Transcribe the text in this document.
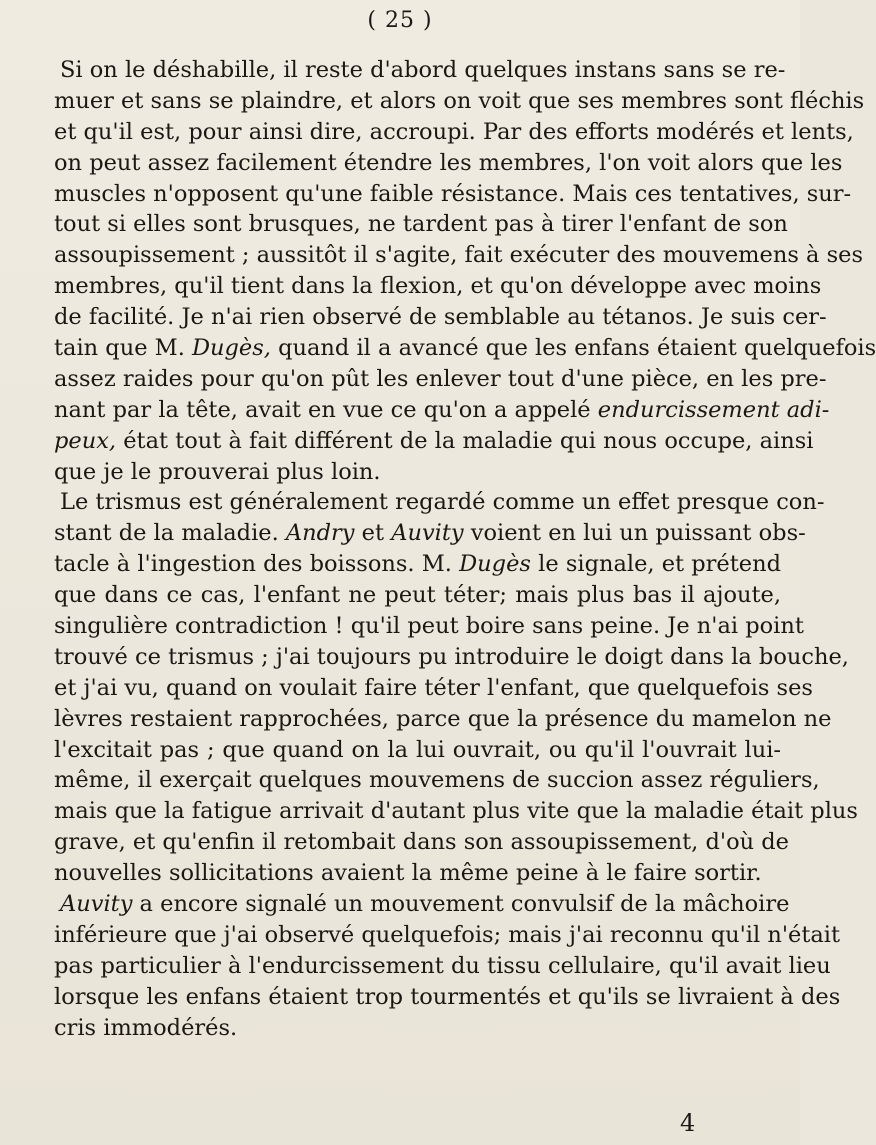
( 25 )
Si on le déshabille, il reste d'abord quelques instans sans se re-
muer et sans se plaindre, et alors on voit que ses membres sont fléchis
et qu'il est, pour ainsi dire, accroupi. Par des efforts modérés et lents,
on peut assez facilement étendre les membres, l'on voit alors que les
muscles n'opposent qu'une faible résistance. Mais ces tentatives, sur-
tout si elles sont brusques, ne tardent pas à tirer l'enfant de son
assoupissement ; aussitôt il s'agite, fait exécuter des mouvemens à ses
membres, qu'il tient dans la flexion, et qu'on développe avec moins
de facilité. Je n'ai rien observé de semblable au tétanos. Je suis cer-
tain que M. Dugès, quand il a avancé que les enfans étaient quelquefois
assez raides pour qu'on pût les enlever tout d'une pièce, en les pre-
nant par la tête, avait en vue ce qu'on a appelé endurcissement adi-
peux, état tout à fait différent de la maladie qui nous occupe, ainsi
que je le prouverai plus loin.
Le trismus est généralement regardé comme un effet presque con-
stant de la maladie. Andry et Auvity voient en lui un puissant obs-
tacle à l'ingestion des boissons. M. Dugès le signale, et prétend
que dans ce cas, l'enfant ne peut téter; mais plus bas il ajoute,
singulière contradiction ! qu'il peut boire sans peine. Je n'ai point
trouvé ce trismus ; j'ai toujours pu introduire le doigt dans la bouche,
et j'ai vu, quand on voulait faire téter l'enfant, que quelquefois ses
lèvres restaient rapprochées, parce que la présence du mamelon ne
l'excitait pas ; que quand on la lui ouvrait, ou qu'il l'ouvrait lui-
même, il exerçait quelques mouvemens de succion assez réguliers,
mais que la fatigue arrivait d'autant plus vite que la maladie était plus
grave, et qu'enfin il retombait dans son assoupissement, d'où de
nouvelles sollicitations avaient la même peine à le faire sortir.
Auvity a encore signalé un mouvement convulsif de la mâchoire
inférieure que j'ai observé quelquefois; mais j'ai reconnu qu'il n'était
pas particulier à l'endurcissement du tissu cellulaire, qu'il avait lieu
lorsque les enfans étaient trop tourmentés et qu'ils se livraient à des
cris immodérés.
4
